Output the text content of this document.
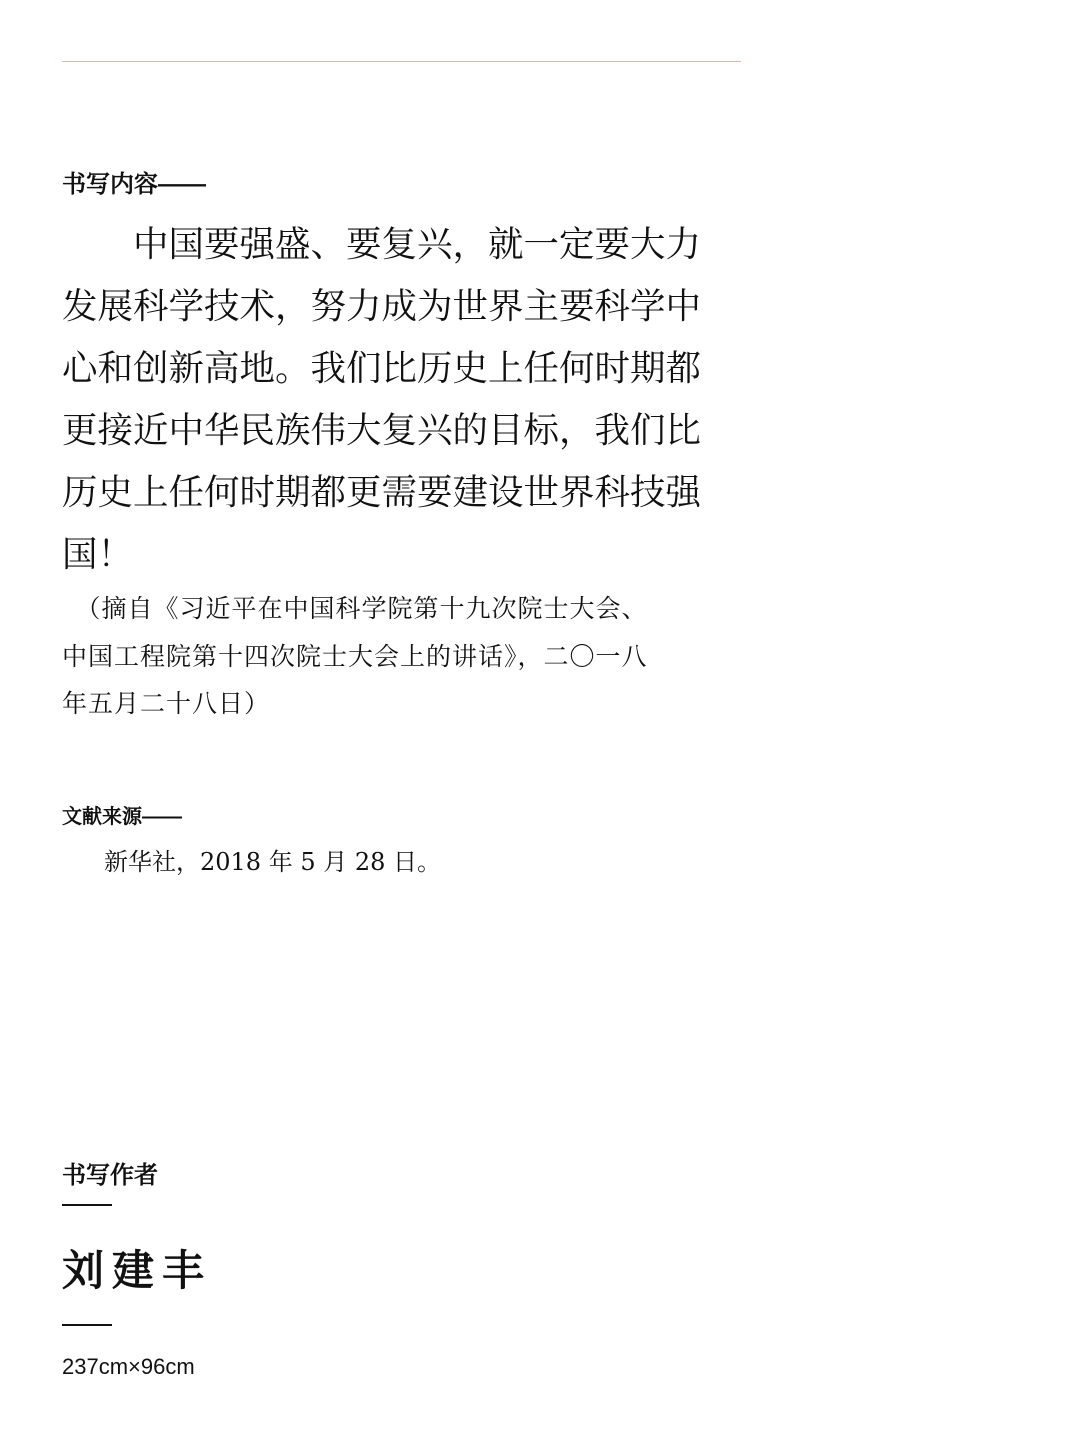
书写内容——
　　中国要强盛、要复兴，就一定要大力
发展科学技术，努力成为世界主要科学中
心和创新高地。我们比历史上任何时期都
更接近中华民族伟大复兴的目标，我们比
历史上任何时期都更需要建设世界科技强
国！
　（摘自《习近平在中国科学院第十九次院士大会、
中国工程院第十四次院士大会上的讲话》，二〇一八
年五月二十八日）
文献来源——
新华社，2018 年 5 月 28 日。
书写作者
刘建丰
237cm×96cm
